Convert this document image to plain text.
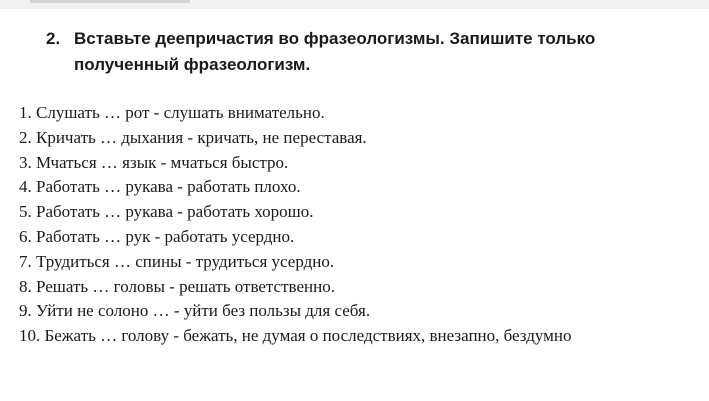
2. Вставьте деепричастия во фразеологизмы. Запишите только полученный фразеологизм.
1. Слушать … рот - слушать внимательно.
2. Кричать … дыхания - кричать, не переставая.
3. Мчаться … язык - мчаться быстро.
4. Работать … рукава - работать плохо.
5. Работать … рукава - работать хорошо.
6. Работать … рук - работать усердно.
7. Трудиться … спины - трудиться усердно.
8. Решать … головы - решать ответственно.
9. Уйти не солоно … - уйти без пользы для себя.
10. Бежать … голову - бежать, не думая о последствиях, внезапно, бездумно
